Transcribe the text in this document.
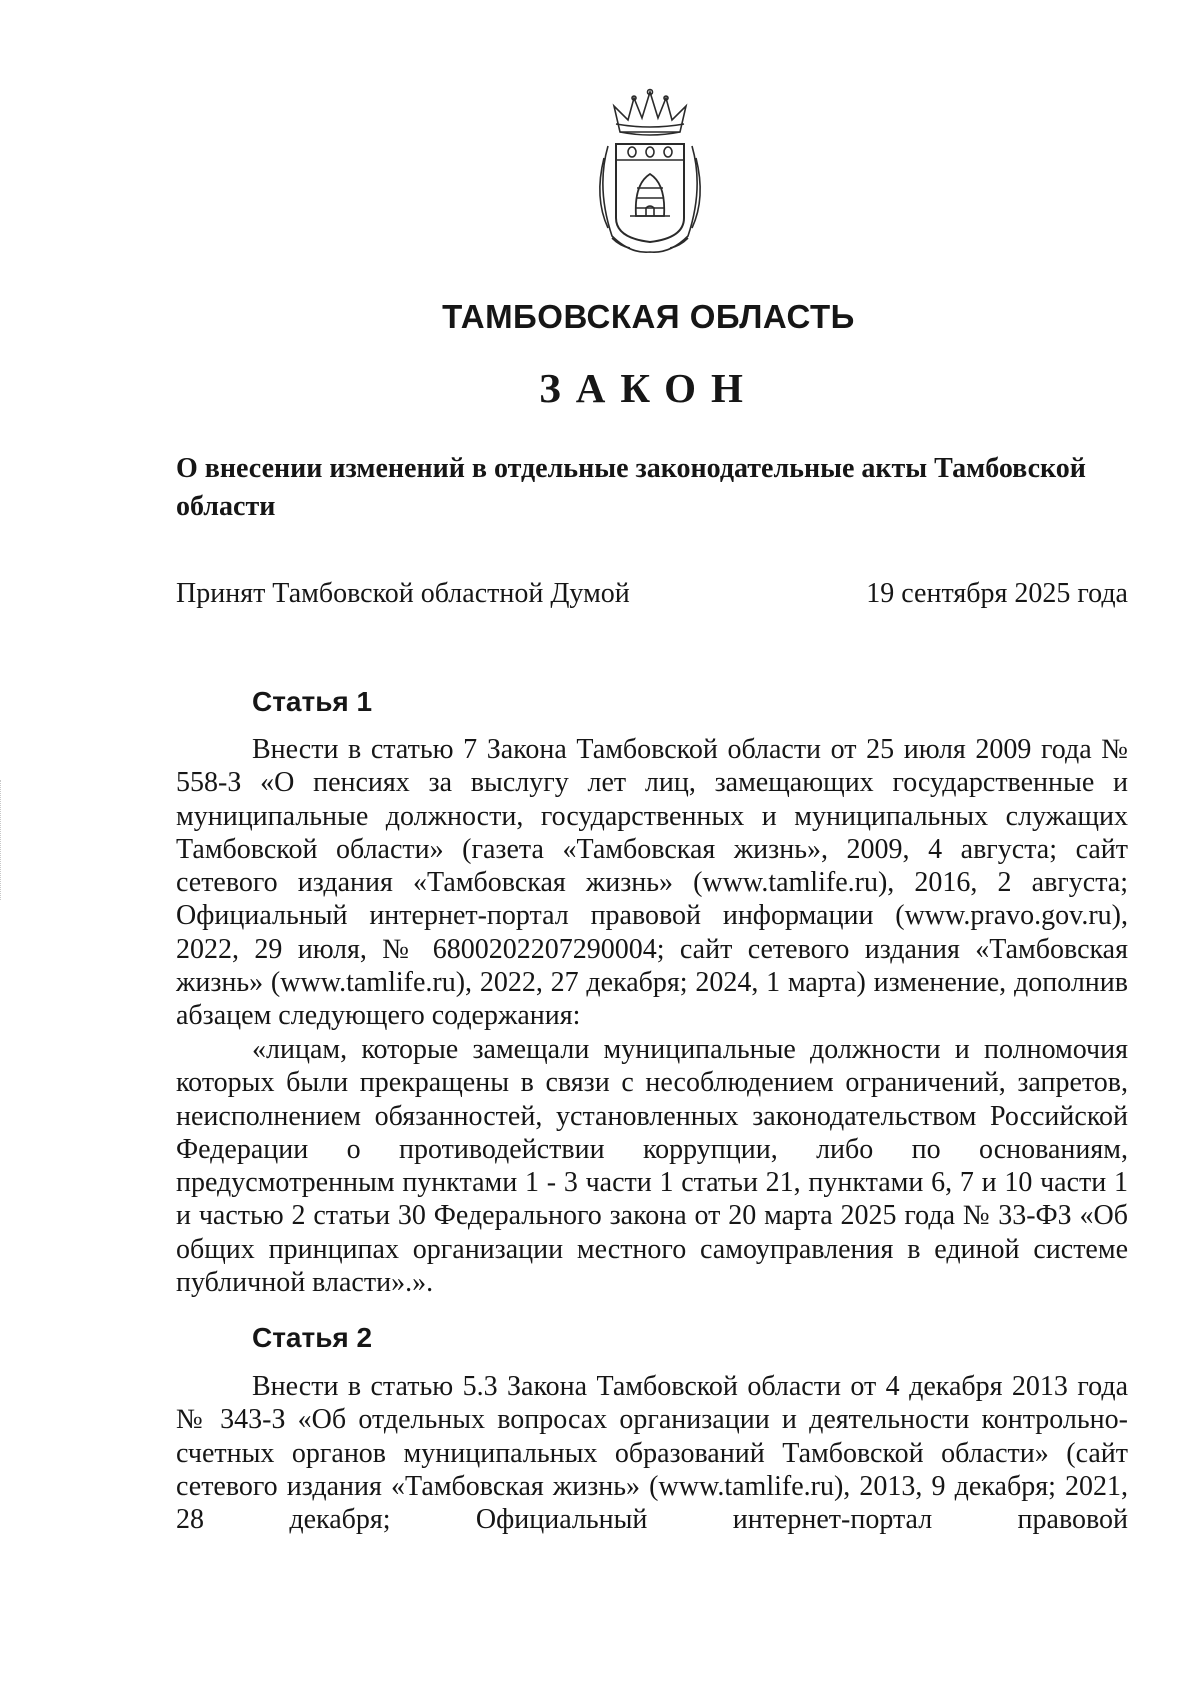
ТАМБОВСКАЯ ОБЛАСТЬ
ЗАКОН
О внесении изменений в отдельные законодательные акты Тамбовской области
Принят Тамбовской областной Думой	19 сентября 2025 года
Статья 1

Внести в статью 7 Закона Тамбовской области от 25 июля 2009 года № 558-З «О пенсиях за выслугу лет лиц, замещающих государственные и муниципальные должности, государственных и муниципальных служащих Тамбовской области» (газета «Тамбовская жизнь», 2009, 4 августа; сайт сетевого издания «Тамбовская жизнь» (www.tamlife.ru), 2016, 2 августа; Официальный интернет-портал правовой информации (www.pravo.gov.ru), 2022, 29 июля, № 6800202207290004; сайт сетевого издания «Тамбовская жизнь» (www.tamlife.ru), 2022, 27 декабря; 2024, 1 марта) изменение, дополнив абзацем следующего содержания:

«лицам, которые замещали муниципальные должности и полномочия которых были прекращены в связи с несоблюдением ограничений, запретов, неисполнением обязанностей, установленных законодательством Российской Федерации о противодействии коррупции, либо по основаниям, предусмотренным пунктами 1 - 3 части 1 статьи 21, пунктами 6, 7 и 10 части 1 и частью 2 статьи 30 Федерального закона от 20 марта 2025 года № 33-ФЗ «Об общих принципах организации местного самоуправления в единой системе публичной власти».».

Статья 2

Внести в статью 5.3 Закона Тамбовской области от 4 декабря 2013 года № 343-З «Об отдельных вопросах организации и деятельности контрольно-счетных органов муниципальных образований Тамбовской области» (сайт сетевого издания «Тамбовская жизнь» (www.tamlife.ru), 2013, 9 декабря; 2021, 28 декабря; Официальный интернет-портал правовой
